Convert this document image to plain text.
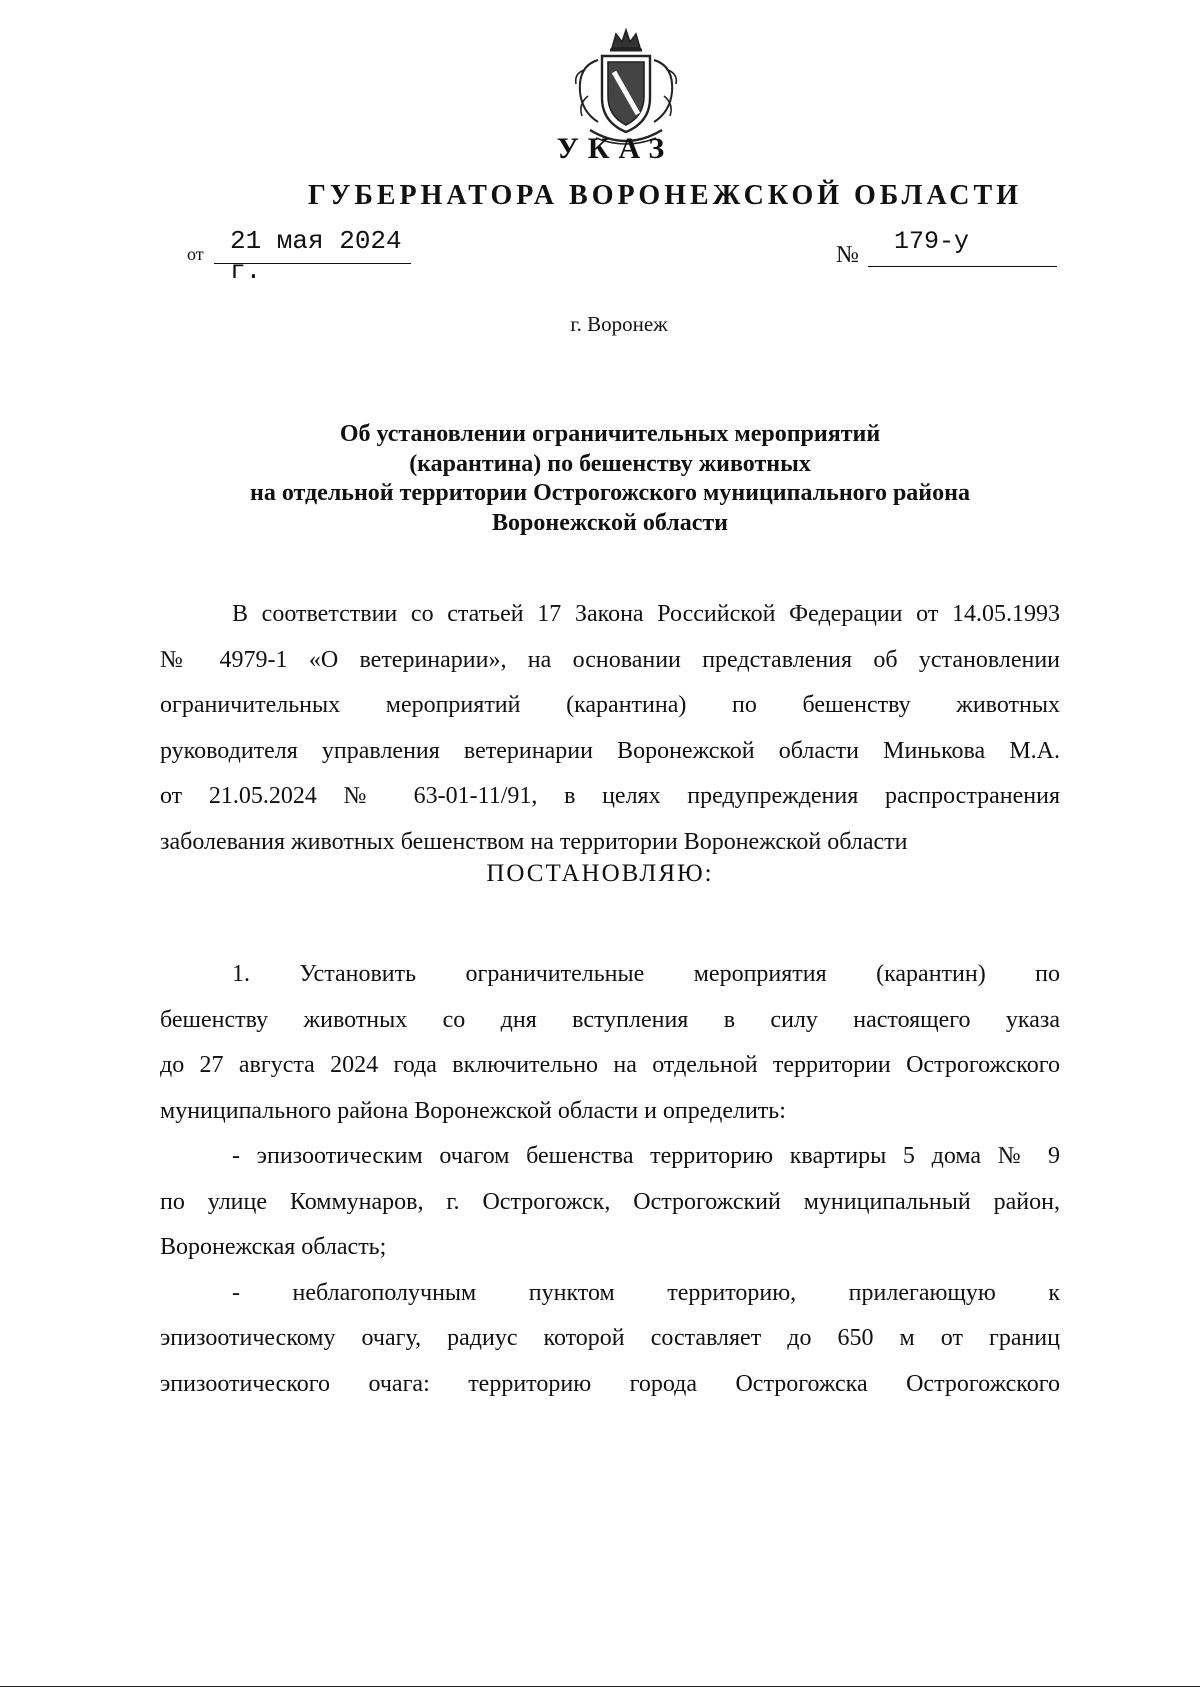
УКАЗ
ГУБЕРНАТОРА ВОРОНЕЖСКОЙ ОБЛАСТИ
от 21 мая 2024 г.
№ 179-у
г. Воронеж
Об установлении ограничительных мероприятий
(карантина) по бешенству животных
на отдельной территории Острогожского муниципального района
Воронежской области
В соответствии со статьей 17 Закона Российской Федерации от 14.05.1993
№ 4979-1 «О ветеринарии», на основании представления об установлении
ограничительных мероприятий (карантина) по бешенству животных
руководителя управления ветеринарии Воронежской области Минькова М.А.
от 21.05.2024 № 63-01-11/91, в целях предупреждения распространения
заболевания животных бешенством на территории Воронежской области
ПОСТАНОВЛЯЮ:
1. Установить ограничительные мероприятия (карантин) по
бешенству животных со дня вступления в силу настоящего указа
до 27 августа 2024 года включительно на отдельной территории Острогожского
муниципального района Воронежской области и определить:
- эпизоотическим очагом бешенства территорию квартиры 5 дома № 9
по улице Коммунаров, г. Острогожск, Острогожский муниципальный район,
Воронежская область;
- неблагополучным пунктом территорию, прилегающую к
эпизоотическому очагу, радиус которой составляет до 650 м от границ
эпизоотического очага: территорию города Острогожска Острогожского
